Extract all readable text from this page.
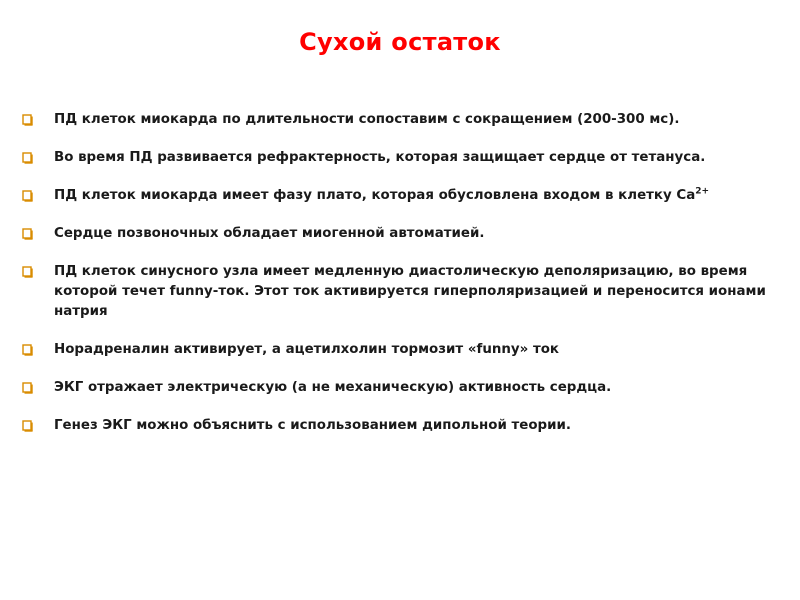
Сухой остаток
ПД клеток миокарда по длительности сопоставим с сокращением (200-300 мс).
Во время ПД развивается рефрактерность, которая защищает сердце от тетануса.
ПД клеток миокарда имеет фазу плато, которая обусловлена входом в клетку $Са^{2+}$
Сердце позвоночных обладает миогенной автоматией.
ПД клеток синусного узла имеет медленную диастолическую деполяризацию, во время которой течет funny-ток. Этот ток активируется гиперполяризацией и переносится ионами натрия
Норадреналин активирует, а ацетилхолин тормозит «funny» ток
ЭКГ отражает электрическую (а не механическую) активность сердца.
Генез ЭКГ можно объяснить с использованием дипольной теории.
